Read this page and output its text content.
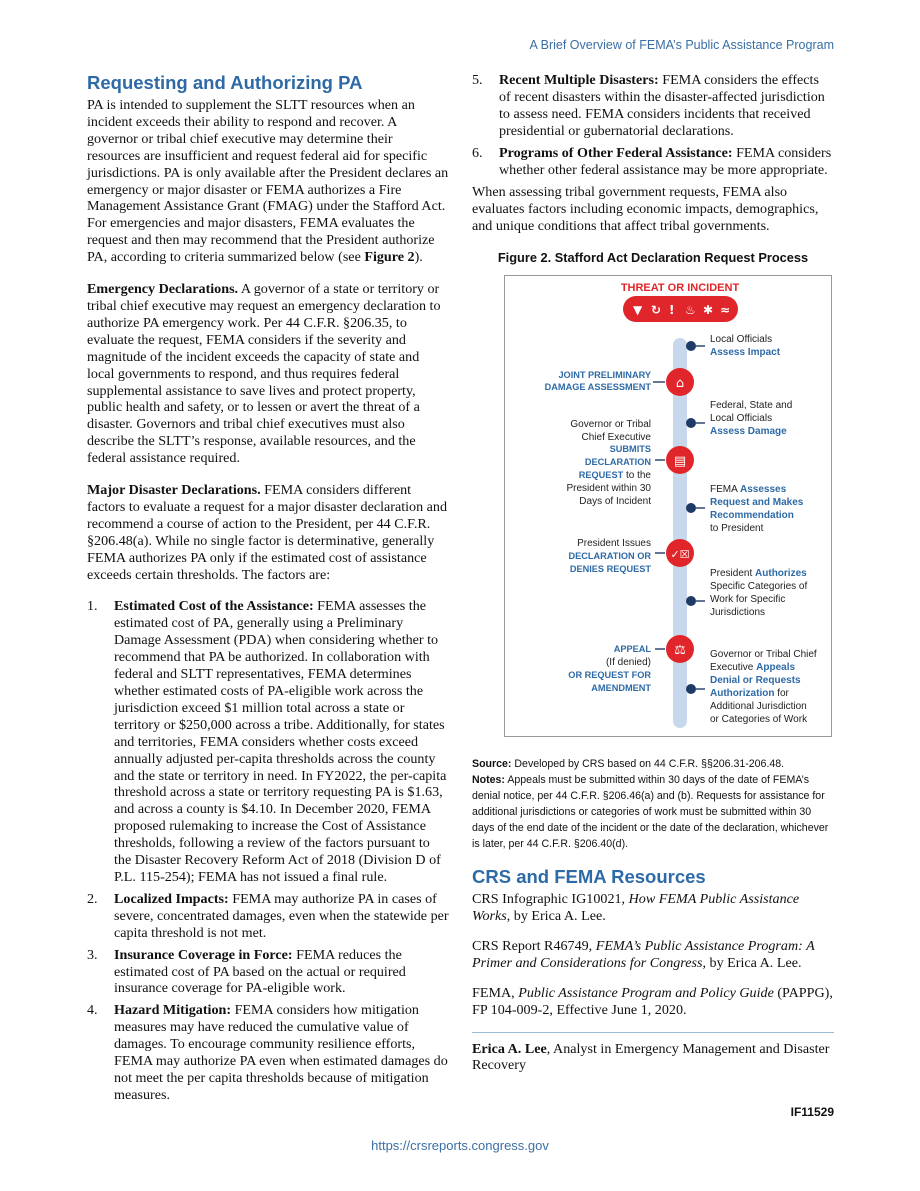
A Brief Overview of FEMA’s Public Assistance Program
Requesting and Authorizing PA

PA is intended to supplement the SLTT resources when an incident exceeds their ability to respond and recover. A governor or tribal chief executive may determine their resources are insufficient and request federal aid for specific jurisdictions. PA is only available after the President declares an emergency or major disaster or FEMA authorizes a Fire Management Assistance Grant (FMAG) under the Stafford Act. For emergencies and major disasters, FEMA evaluates the request and then may recommend that the President authorize PA, according to criteria summarized below (see Figure 2).

Emergency Declarations. A governor of a state or territory or tribal chief executive may request an emergency declaration to authorize PA emergency work. Per 44 C.F.R. §206.35, to evaluate the request, FEMA considers if the severity and magnitude of the incident exceeds the capacity of state and local governments to respond, and thus requires federal supplemental assistance to save lives and protect property, public health and safety, or to lessen or avert the threat of a disaster. Governors and tribal chief executives must also describe the SLTT’s response, available resources, and the federal assistance required.

Major Disaster Declarations. FEMA considers different factors to evaluate a request for a major disaster declaration and recommend a course of action to the President, per 44 C.F.R. §206.48(a). While no single factor is determinative, generally FEMA authorizes PA only if the estimated cost of assistance exceeds certain thresholds. The factors are:

1. Estimated Cost of the Assistance: FEMA assesses the estimated cost of PA, generally using a Preliminary Damage Assessment (PDA) when considering whether to recommend that PA be authorized. In collaboration with federal and SLTT representatives, FEMA determines whether estimated costs of PA-eligible work across the jurisdiction exceed $1 million total across a state or territory or $250,000 across a tribe. Additionally, for states and territories, FEMA considers whether costs exceed annually adjusted per-capita thresholds across the county and the state or territory in need. In FY2022, the per-capita threshold across a state or territory requesting PA is $1.63, and across a county is $4.10. In December 2020, FEMA proposed rulemaking to increase the Cost of Assistance thresholds, following a review of the factors pursuant to the Disaster Recovery Reform Act of 2018 (Division D of P.L. 115-254); FEMA has not issued a final rule.
2. Localized Impacts: FEMA may authorize PA in cases of severe, concentrated damages, even when the statewide per capita threshold is not met.
3. Insurance Coverage in Force: FEMA reduces the estimated cost of PA based on the actual or required insurance coverage for PA-eligible work.
4. Hazard Mitigation: FEMA considers how mitigation measures may have reduced the cumulative value of damages. To encourage community resilience efforts, FEMA may authorize PA even when estimated damages do not meet the per capita thresholds because of mitigation measures.
5. Recent Multiple Disasters: FEMA considers the effects of recent disasters within the disaster-affected jurisdiction to assess need. FEMA considers incidents that received presidential or gubernatorial declarations.
6. Programs of Other Federal Assistance: FEMA considers whether other federal assistance may be more appropriate.

When assessing tribal government requests, FEMA also evaluates factors including economic impacts, demographics, and unique conditions that affect tribal governments.

Figure 2. Stafford Act Declaration Request Process
THREAT OR INCIDENT
▼ ↻ ! ♨ ✱ ≈
Local Officials
Assess Impact
⌂
JOINT PRELIMINARY
DAMAGE ASSESSMENT
Federal, State and
Local Officials
Assess Damage
▤
Governor or Tribal
Chief Executive
SUBMITS
DECLARATION
REQUEST to the
President within 30
Days of Incident
FEMA Assesses
Request and Makes
Recommendation
to President
✓☒
President Issues
DECLARATION OR
DENIES REQUEST	President Authorizes
Specific Categories of
Work for Specific
Jurisdictions
⚖
APPEAL
(If denied)
OR REQUEST FOR
AMENDMENT
Governor or Tribal Chief
Executive Appeals
Denial or Requests
Authorization for
Additional Jurisdiction
or Categories of Work

Source: Developed by CRS based on 44 C.F.R. §§206.31-206.48.

Notes: Appeals must be submitted within 30 days of the date of FEMA’s denial notice, per 44 C.F.R. §206.46(a) and (b). Requests for assistance for additional jurisdictions or categories of work must be submitted within 30 days of the end date of the incident or the date of the declaration, whichever is later, per 44 C.F.R. §206.40(d).

CRS and FEMA Resources

CRS Infographic IG10021, How FEMA Public Assistance Works, by Erica A. Lee.

CRS Report R46749, FEMA’s Public Assistance Program: A Primer and Considerations for Congress, by Erica A. Lee.

FEMA, Public Assistance Program and Policy Guide (PAPPG), FP 104-009-2, Effective June 1, 2020.

Erica A. Lee, Analyst in Emergency Management and Disaster Recovery

IF11529
https://crsreports.congress.gov
